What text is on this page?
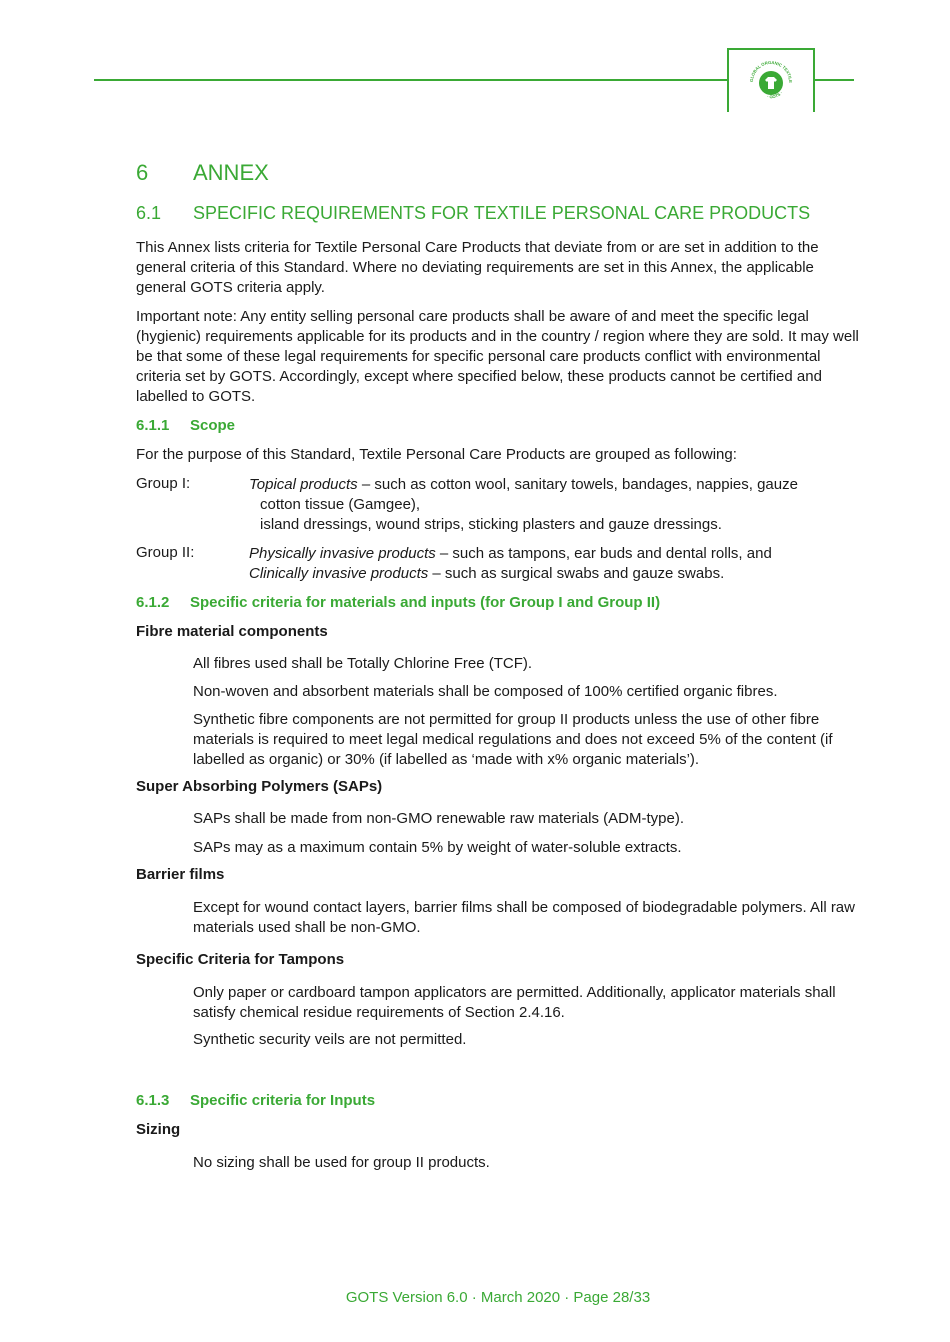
GLOBAL ORGANIC TEXTILE
· GOTS ·
6 ANNEX
6.1 SPECIFIC REQUIREMENTS FOR TEXTILE PERSONAL CARE PRODUCTS
This Annex lists criteria for Textile Personal Care Products that deviate from or are set in addition to the general criteria of this Standard. Where no deviating requirements are set in this Annex, the applicable general GOTS criteria apply.
Important note: Any entity selling personal care products shall be aware of and meet the specific legal (hygienic) requirements applicable for its products and in the country / region where they are sold. It may well be that some of these legal requirements for specific personal care products conflict with environmental criteria set by GOTS. Accordingly, except where specified below, these products cannot be certified and labelled to GOTS.
6.1.1 Scope
For the purpose of this Standard, Textile Personal Care Products are grouped as following:
Group I:	Topical products – such as cotton wool, sanitary towels, bandages, nappies, gauze
cotton tissue (Gamgee),
island dressings, wound strips, sticking plasters and gauze dressings.
Group II:	Physically invasive products – such as tampons, ear buds and dental rolls, and
Clinically invasive products – such as surgical swabs and gauze swabs.
6.1.2 Specific criteria for materials and inputs (for Group I and Group II)
Fibre material components
All fibres used shall be Totally Chlorine Free (TCF).
Non-woven and absorbent materials shall be composed of 100% certified organic fibres.
Synthetic fibre components are not permitted for group II products unless the use of other fibre materials is required to meet legal medical regulations and does not exceed 5% of the content (if labelled as organic) or 30% (if labelled as ‘made with x% organic materials’).
Super Absorbing Polymers (SAPs)
SAPs shall be made from non-GMO renewable raw materials (ADM-type).
SAPs may as a maximum contain 5% by weight of water-soluble extracts.
Barrier films
Except for wound contact layers, barrier films shall be composed of biodegradable polymers. All raw materials used shall be non-GMO.
Specific Criteria for Tampons
Only paper or cardboard tampon applicators are permitted. Additionally, applicator materials shall satisfy chemical residue requirements of Section 2.4.16.
Synthetic security veils are not permitted.
6.1.3 Specific criteria for Inputs
Sizing
No sizing shall be used for group II products.
GOTS Version 6.0 · March 2020 · Page 28/33
